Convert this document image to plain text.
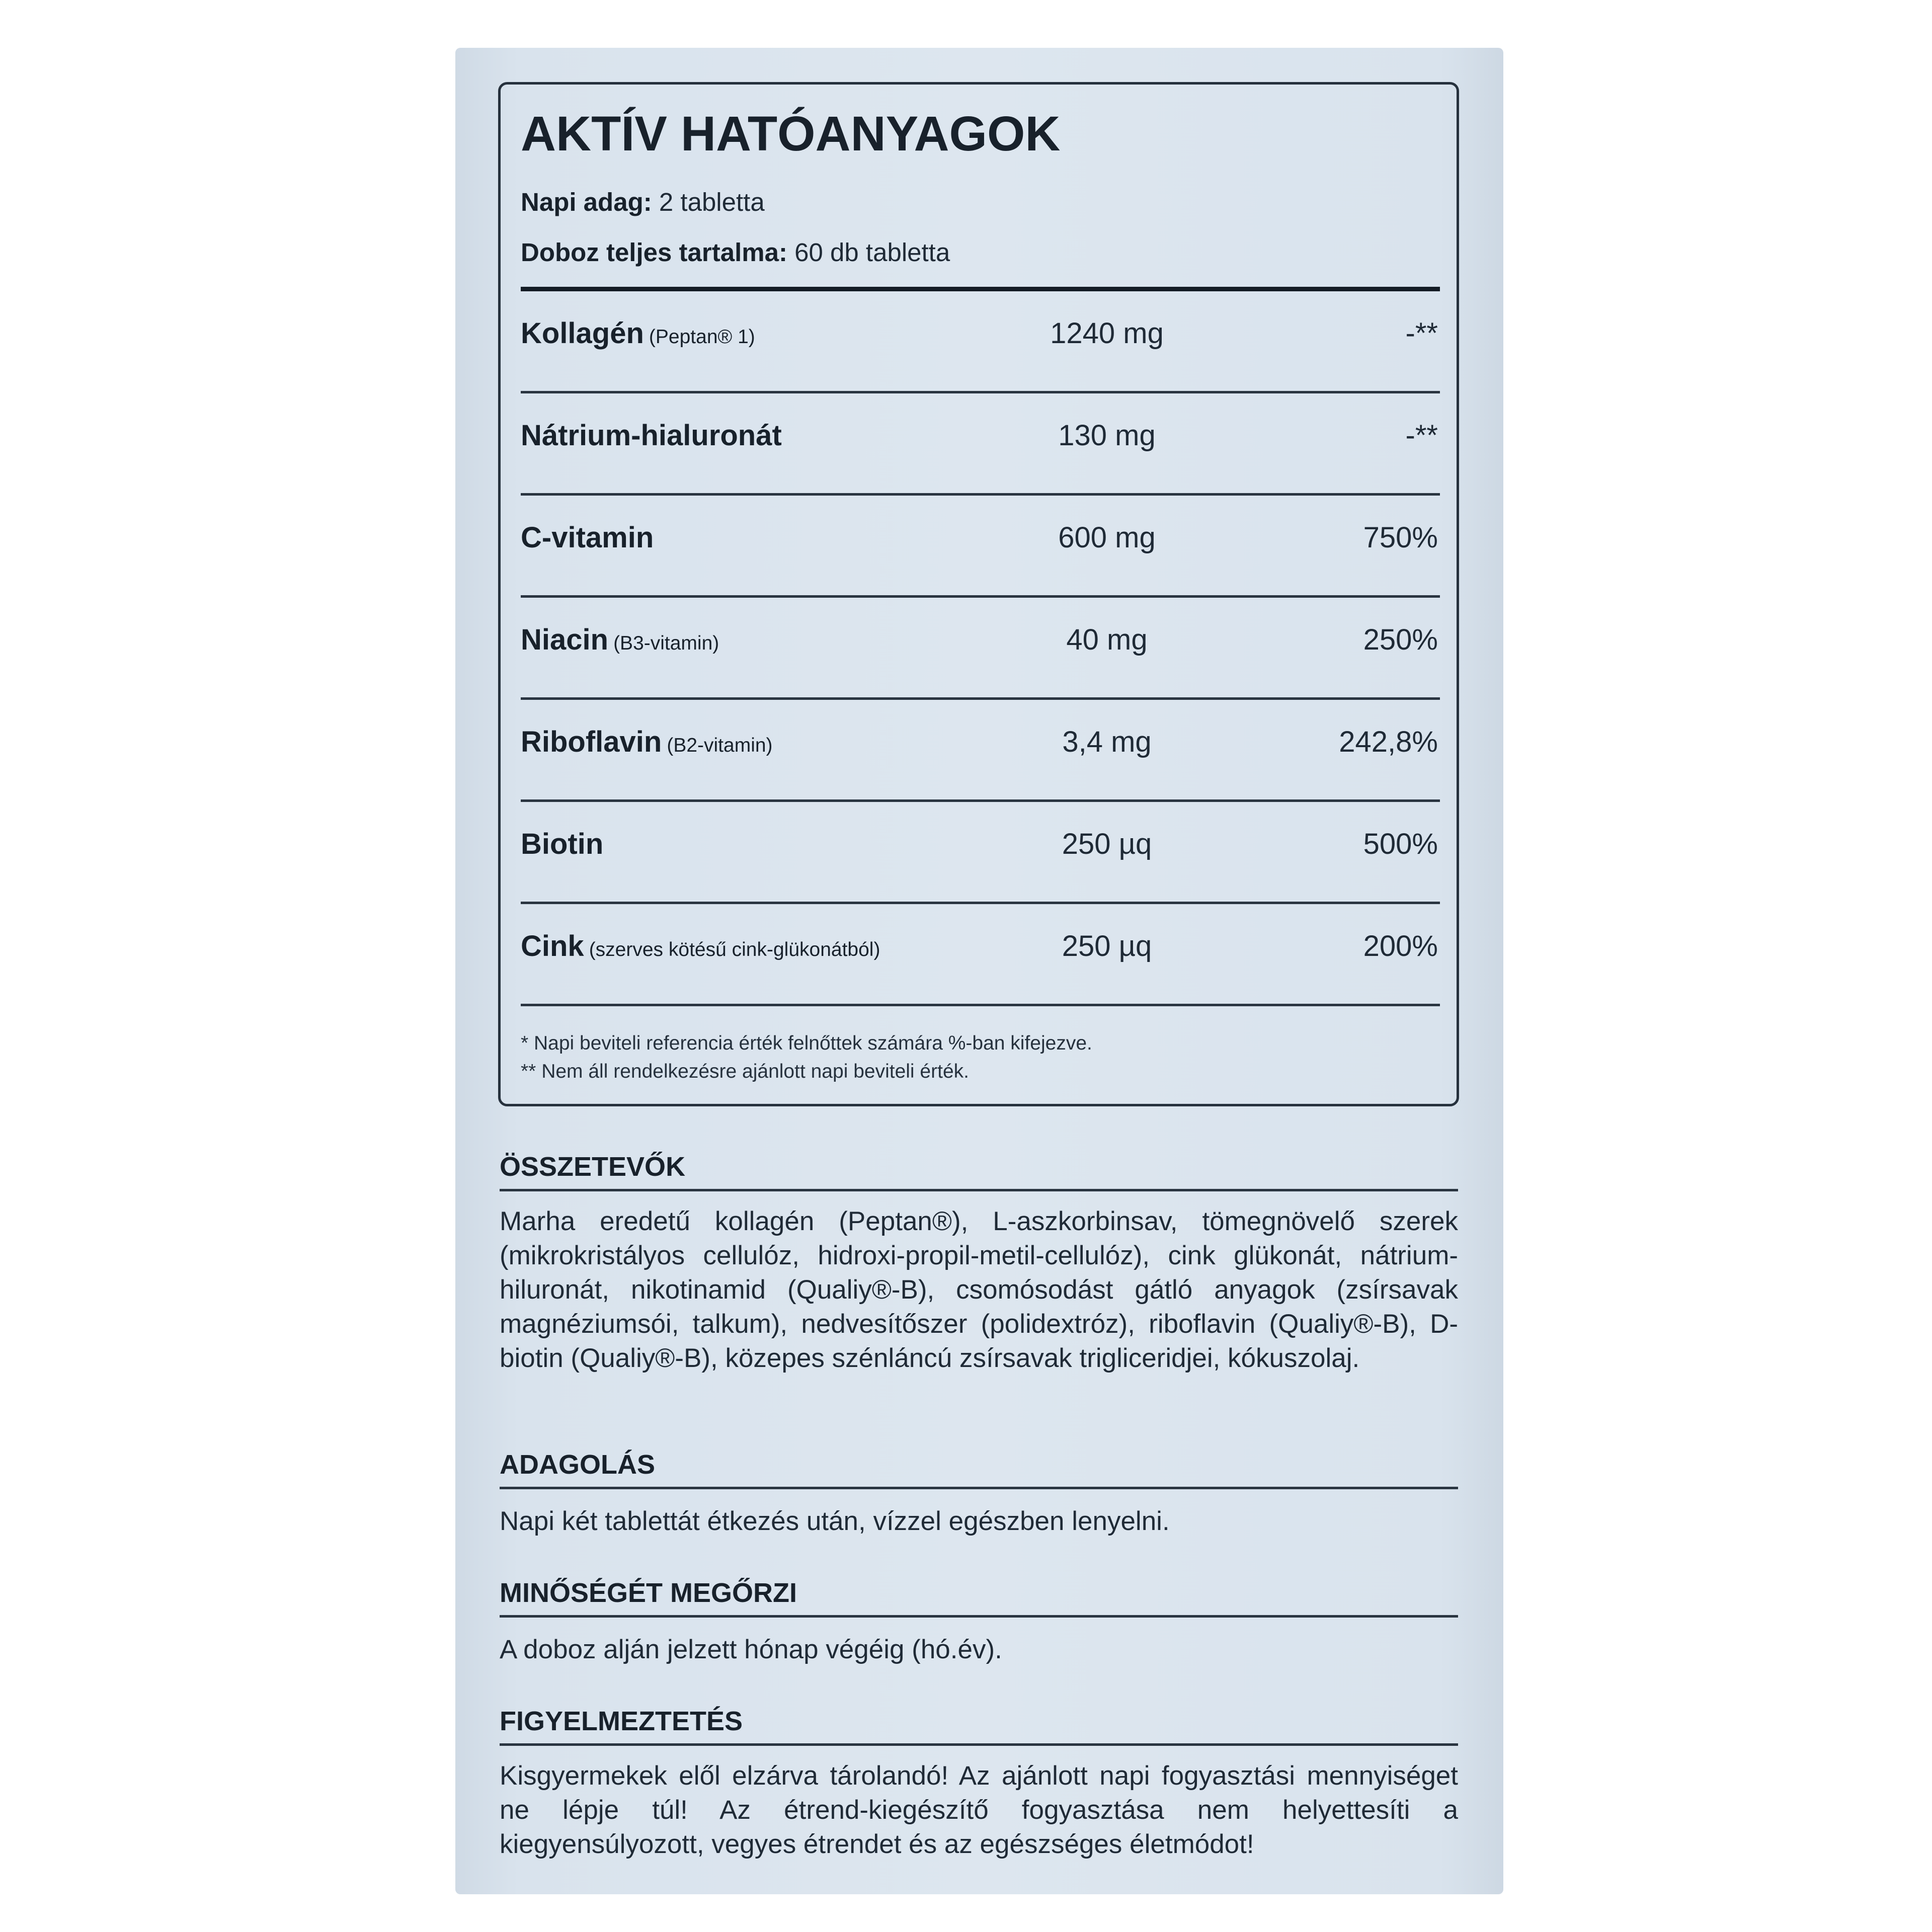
AKTÍV HATÓANYAGOK
Napi adag: 2 tabletta
Doboz teljes tartalma: 60 db tabletta
Kollagén (Peptan® 1)	1240 mg	-**
Nátrium-hialuronát	130 mg	-**
C-vitamin	600 mg	750%
Niacin (B3-vitamin)	40 mg	250%
Riboflavin (B2-vitamin)	3,4 mg	242,8%
Biotin	250 µq	500%
Cink (szerves kötésű cink-glükonátból)	250 µq	200%
* Napi beviteli referencia érték felnőttek számára %-ban kifejezve.
** Nem áll rendelkezésre ajánlott napi beviteli érték.
ÖSSZETEVŐK
Marha eredetű kollagén (Peptan®), L-aszkorbinsav, tömegnövelő szerek (mikrokristályos cellulóz, hidroxi-propil-metil-cellulóz), cink glükonát, nátrium-hiluronát, nikotinamid (Qualiy®-B), csomósodást gátló anyagok (zsírsavak magnéziumsói, talkum), nedvesítőszer (polidextróz), riboflavin (Qualiy®-B), D-biotin (Qualiy®-B), közepes szénláncú zsírsavak trigliceridjei, kókuszolaj.
ADAGOLÁS
Napi két tablettát étkezés után, vízzel egészben lenyelni.
MINŐSÉGÉT MEGŐRZI
A doboz alján jelzett hónap végéig (hó.év).
FIGYELMEZTETÉS
Kisgyermekek elől elzárva tárolandó! Az ajánlott napi fogyasztási mennyiséget ne lépje túl! Az étrend-kiegészítő fogyasztása nem helyettesíti a kiegyensúlyozott, vegyes étrendet és az egészséges életmódot!
